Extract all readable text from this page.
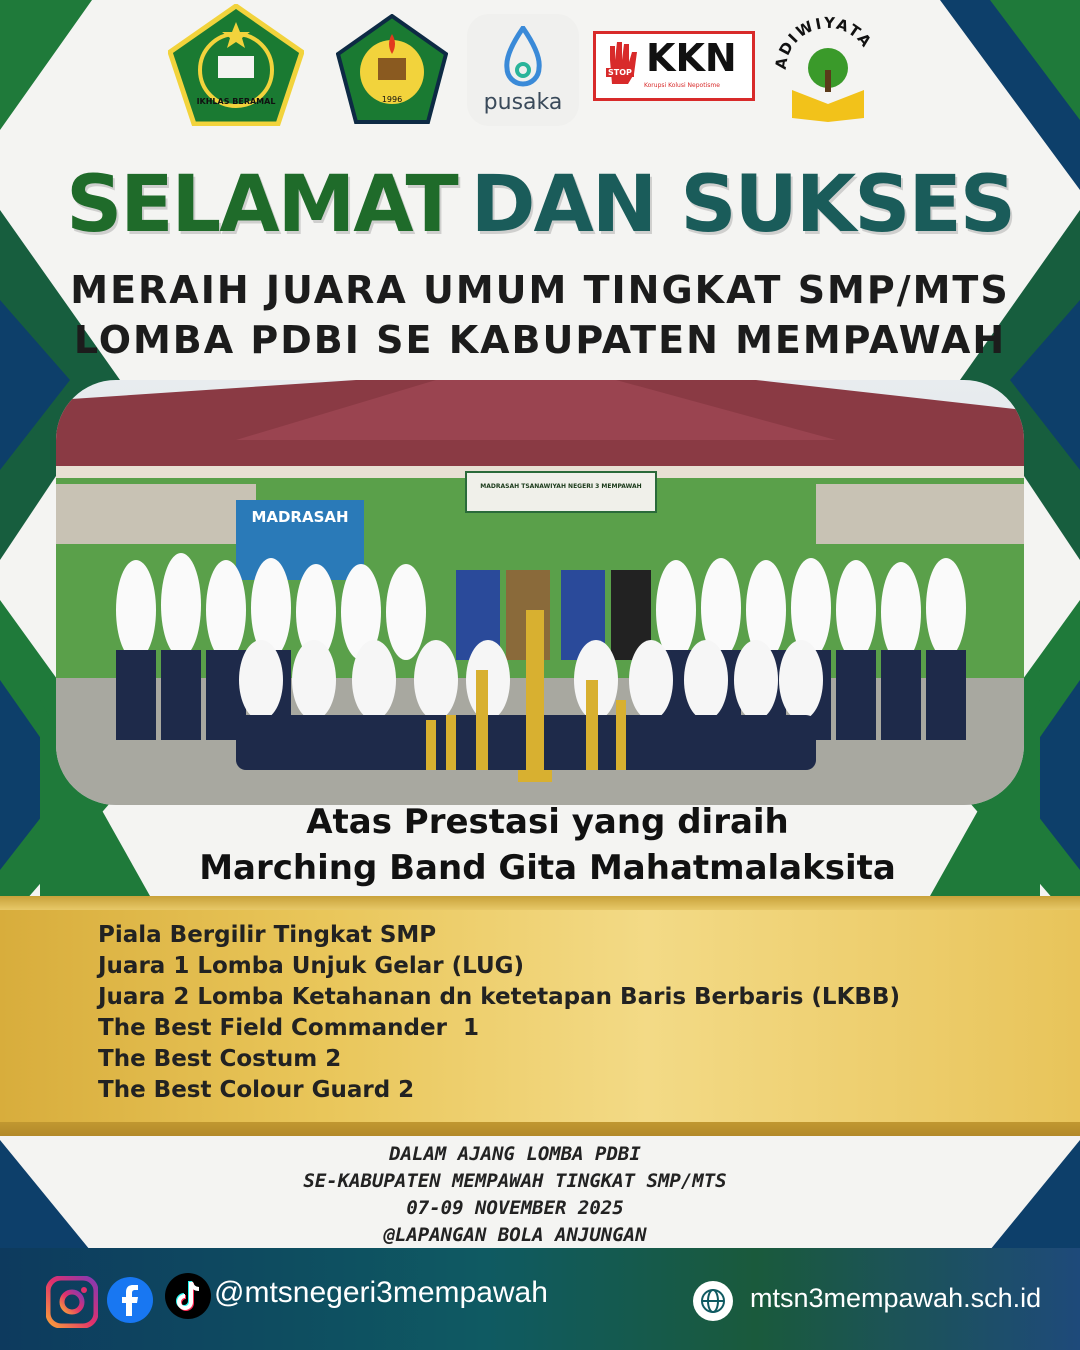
IKHLAS BERAMAL	1996	pusaka
STOP KKN
Korupsi Kolusi Nepotisme
ADIWIYATA
SELAMAT DAN SUKSES
MERAIH JUARA UMUM TINGKAT SMP/MTS
LOMBA PDBI SE KABUPATEN MEMPAWAH
MADRASAH
MADRASAH TSANAWIYAH NEGERI 3 MEMPAWAH
Atas Prestasi yang diraih
Marching Band Gita Mahatmalaksita
Piala Bergilir Tingkat SMP
Juara 1 Lomba Unjuk Gelar (LUG)
Juara 2 Lomba Ketahanan dn ketetapan Baris Berbaris (LKBB)
The Best Field Commander  1
The Best Costum 2
The Best Colour Guard 2
DALAM AJANG LOMBA PDBI
SE-KABUPATEN MEMPAWAH TINGKAT SMP/MTS
07-09 NOVEMBER 2025
@LAPANGAN BOLA ANJUNGAN
@mtsnegeri3mempawah	mtsn3mempawah.sch.id
